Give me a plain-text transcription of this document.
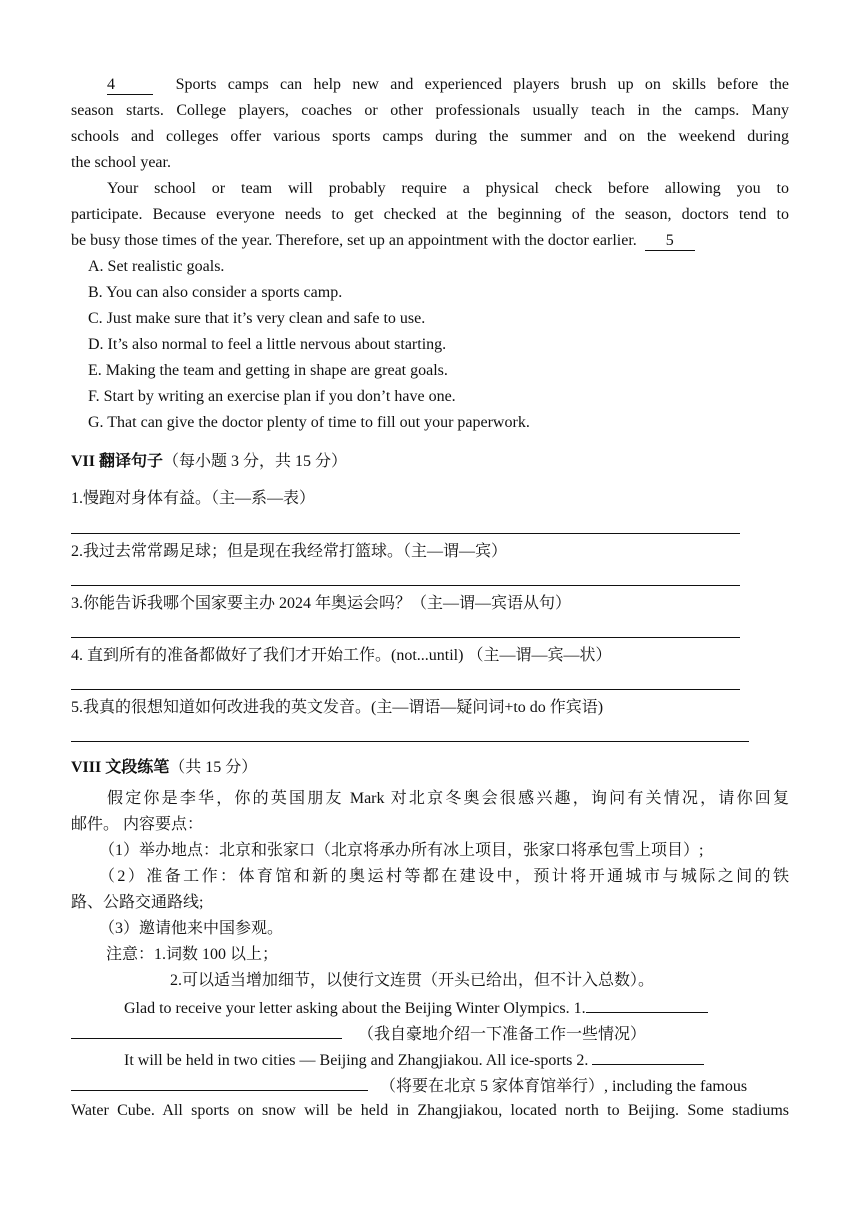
4	Sports camps can help new and experienced players brush up on skills before the
season starts. College players, coaches or other professionals usually teach in the camps. Many
schools and colleges offer various sports camps during the summer and on the weekend during
the school year.
Your school or team will probably require a physical check before allowing you to
participate. Because everyone needs to get checked at the beginning of the season, doctors tend to
be busy those times of the year. Therefore, set up an appointment with the doctor earlier. 5
A. Set realistic goals.
B. You can also consider a sports camp.
C. Just make sure that it’s very clean and safe to use.
D. It’s also normal to feel a little nervous about starting.
E. Making the team and getting in shape are great goals.
F. Start by writing an exercise plan if you don’t have one.
G. That can give the doctor plenty of time to fill out your paperwork.
VII 翻译句子（每小题 3 分，共 15 分）
1.慢跑对身体有益。（主—系—表）
2.我过去常常踢足球；但是现在我经常打篮球。（主—谓—宾）
3.你能告诉我哪个国家要主办 2024 年奥运会吗？（主—谓—宾语从句）
4. 直到所有的准备都做好了我们才开始工作。(not...until) （主—谓—宾—状）
5.我真的很想知道如何改进我的英文发音。(主—谓语—疑问词+to do 作宾语)
VIII 文段练笔（共 15 分）
假定你是李华，你的英国朋友 Mark 对北京冬奥会很感兴趣，询问有关情况，请你回复
邮件。 内容要点：
（1）举办地点：北京和张家口（北京将承办所有冰上项目，张家口将承包雪上项目）;
（2）准备工作：体育馆和新的奥运村等都在建设中，预计将开通城市与城际之间的铁
路、公路交通路线;
（3）邀请他来中国参观。
注意：1.词数 100 以上；
2.可以适当增加细节，以使行文连贯（开头已给出，但不计入总数）。
Glad to receive your letter asking about the Beijing Winter Olympics. 1.
（我自豪地介绍一下准备工作一些情况）
It will be held in two cities — Beijing and Zhangjiakou. All ice-sports 2.
（将要在北京 5 家体育馆举行）, including the famous
Water Cube. All sports on snow will be held in Zhangjiakou, located north to Beijing. Some stadiums
